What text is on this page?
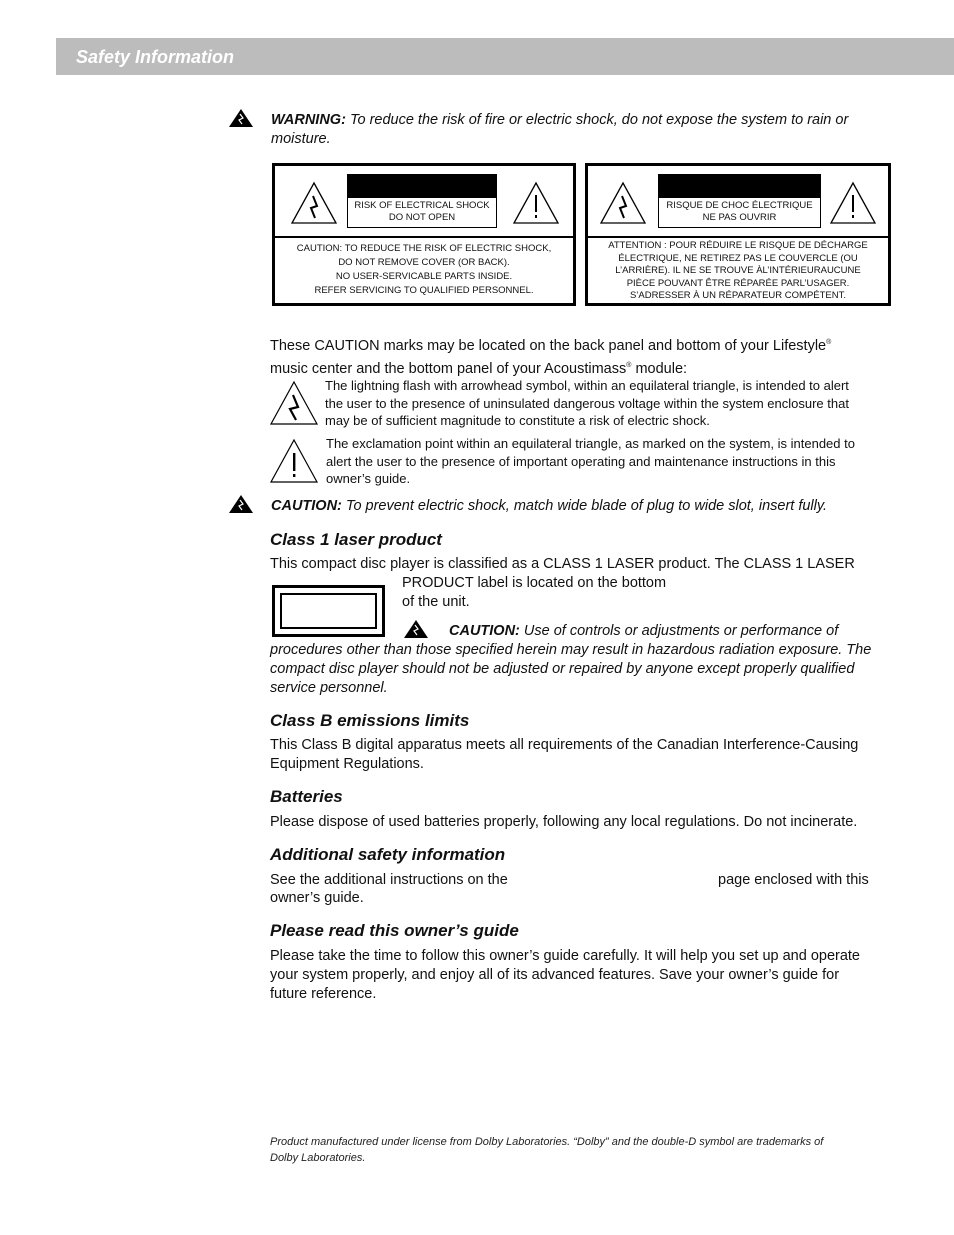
Safety Information
WARNING: To reduce the risk of fire or electric shock, do not expose the system to rain or
moisture.
RISK OF ELECTRICAL SHOCK
DO NOT OPEN
CAUTION: TO REDUCE THE RISK OF ELECTRIC SHOCK,
DO NOT REMOVE COVER (OR BACK).
NO USER-SERVICABLE PARTS INSIDE.
REFER SERVICING TO QUALIFIED PERSONNEL.
RISQUE DE CHOC ÉLECTRIQUE
NE PAS OUVRIR
ATTENTION : POUR RÉDUIRE LE RISQUE DE DÉCHARGE
ÉLECTRIQUE, NE RETIREZ PAS LE COUVERCLE (OU
L’ARRIÈRE). IL NE SE TROUVE ÀL’INTÉRIEURAUCUNE
PIÈCE POUVANT ÊTRE RÉPARÉE PARL’USAGER.
S’ADRESSER À UN RÉPARATEUR COMPÉTENT.
These CAUTION marks may be located on the back panel and bottom of your Lifestyle®
music center and the bottom panel of your Acoustimass® module:
The lightning flash with arrowhead symbol, within an equilateral triangle, is intended to alert
the user to the presence of uninsulated dangerous voltage within the system enclosure that
may be of sufficient magnitude to constitute a risk of electric shock.
The exclamation point within an equilateral triangle, as marked on the system, is intended to
alert the user to the presence of important operating and maintenance instructions in this
owner’s guide.
CAUTION: To prevent electric shock, match wide blade of plug to wide slot, insert fully.
Class 1 laser product
This compact disc player is classified as a CLASS 1 LASER product. The CLASS 1 LASER
PRODUCT label is located on the bottom
of the unit.
CAUTION: Use of controls or adjustments or performance of
procedures other than those specified herein may result in hazardous radiation exposure. The
compact disc player should not be adjusted or repaired by anyone except properly qualified
service personnel.
Class B emissions limits
This Class B digital apparatus meets all requirements of the Canadian Interference-Causing
Equipment Regulations.
Batteries
Please dispose of used batteries properly, following any local regulations. Do not incinerate.
Additional safety information
See the additional instructions on the	page enclosed with this
owner’s guide.
Please read this owner’s guide
Please take the time to follow this owner’s guide carefully. It will help you set up and operate
your system properly, and enjoy all of its advanced features. Save your owner’s guide for
future reference.
Product manufactured under license from Dolby Laboratories. “Dolby” and the double-D symbol are trademarks of
Dolby Laboratories.
